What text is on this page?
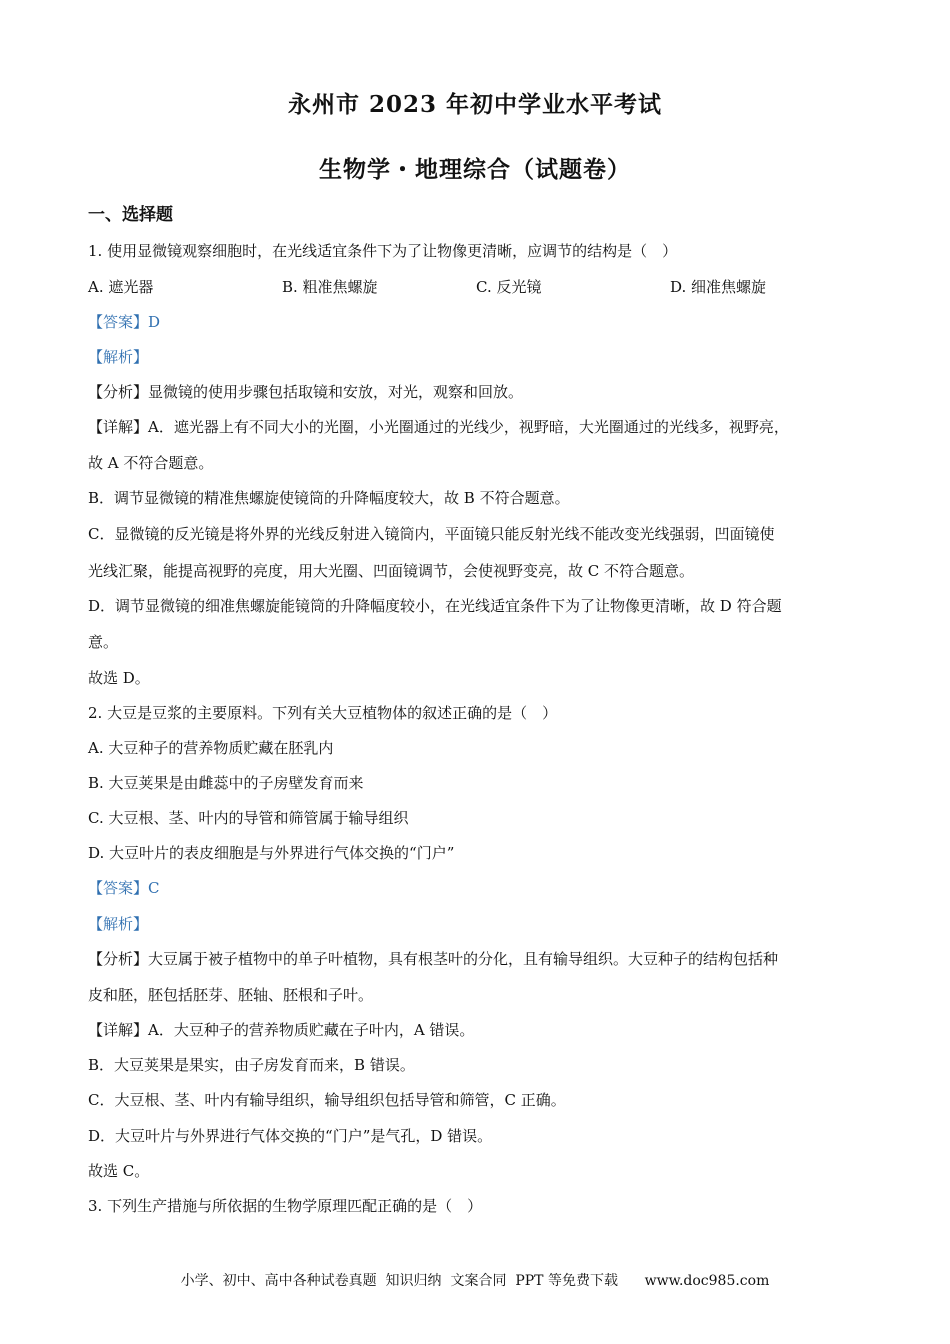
永州市 2023 年初中学业水平考试
生物学・地理综合（试题卷）
一、选择题
1. 使用显微镜观察细胞时，在光线适宜条件下为了让物像更清晰，应调节的结构是（　）
A. 遮光器	B. 粗准焦螺旋	C. 反光镜	D. 细准焦螺旋
【答案】D
【解析】
【分析】显微镜的使用步骤包括取镜和安放，对光，观察和回放。
【详解】A．遮光器上有不同大小的光圈，小光圈通过的光线少，视野暗，大光圈通过的光线多，视野亮，
故 A 不符合题意。
B．调节显微镜的精准焦螺旋使镜筒的升降幅度较大，故 B 不符合题意。
C．显微镜的反光镜是将外界的光线反射进入镜筒内，平面镜只能反射光线不能改变光线强弱，凹面镜使
光线汇聚，能提高视野的亮度，用大光圈、凹面镜调节，会使视野变亮，故 C 不符合题意。
D．调节显微镜的细准焦螺旋能镜筒的升降幅度较小，在光线适宜条件下为了让物像更清晰，故 D 符合题
意。
故选 D。
2. 大豆是豆浆的主要原料。下列有关大豆植物体的叙述正确的是（　）
A. 大豆种子的营养物质贮藏在胚乳内
B. 大豆荚果是由雌蕊中的子房壁发育而来
C. 大豆根、茎、叶内的导管和筛管属于输导组织
D. 大豆叶片的表皮细胞是与外界进行气体交换的“门户”
【答案】C
【解析】
【分析】大豆属于被子植物中的单子叶植物，具有根茎叶的分化，且有输导组织。大豆种子的结构包括种
皮和胚，胚包括胚芽、胚轴、胚根和子叶。
【详解】A．大豆种子的营养物质贮藏在子叶内，A 错误。
B．大豆荚果是果实，由子房发育而来，B 错误。
C．大豆根、茎、叶内有输导组织，输导组织包括导管和筛管，C 正确。
D．大豆叶片与外界进行气体交换的“门户”是气孔，D 错误。
故选 C。
3. 下列生产措施与所依据的生物学原理匹配正确的是（　）
小学、初中、高中各种试卷真题  知识归纳  文案合同  PPT 等免费下载      www.doc985.com
